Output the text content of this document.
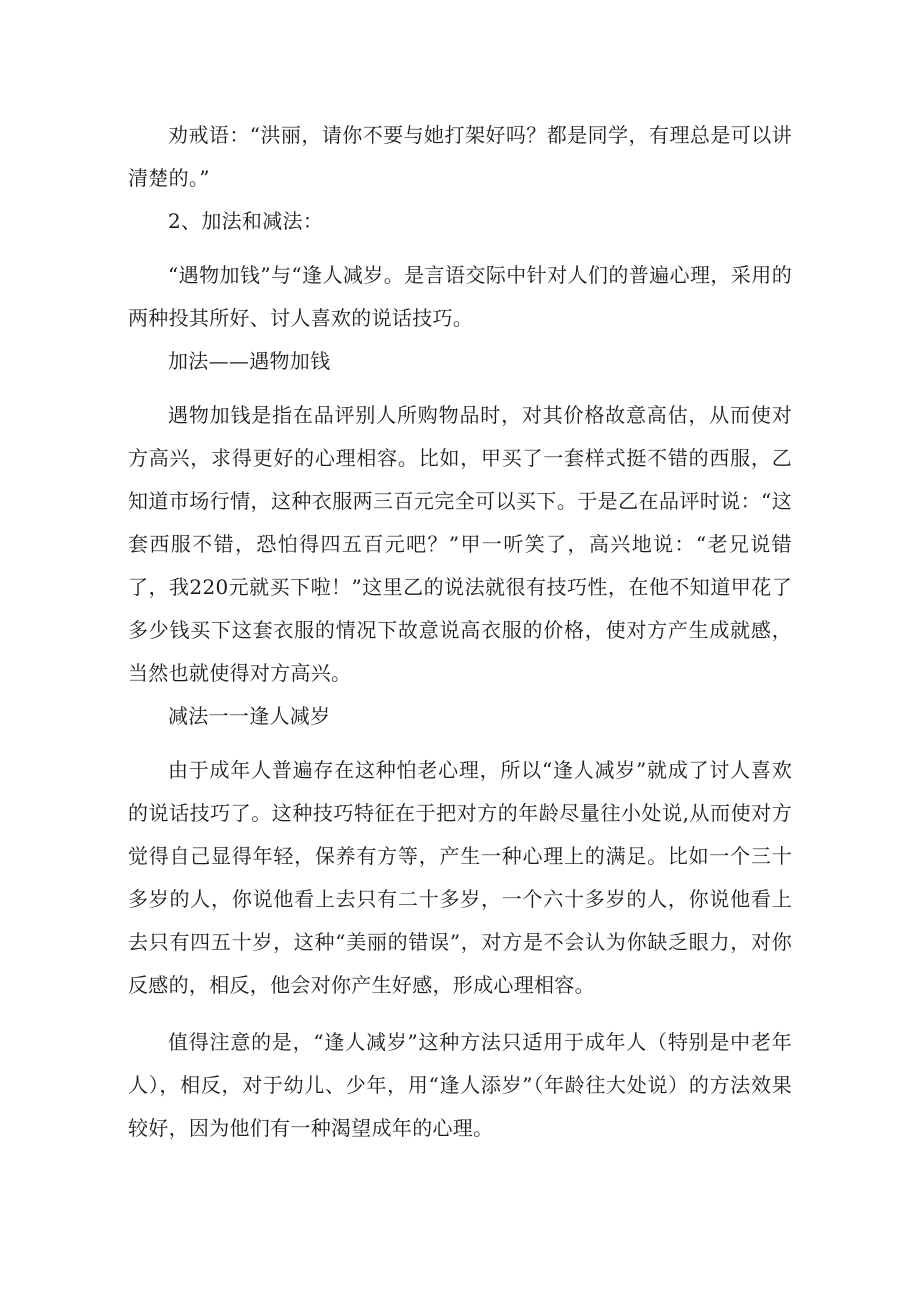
劝戒语：“洪丽，请你不要与她打架好吗？都是同学，有理总是可以讲清楚的。”

2、加法和减法：

“遇物加钱”与“逢人减岁。是言语交际中针对人们的普遍心理，采用的两种投其所好、讨人喜欢的说话技巧。

加法——遇物加钱

遇物加钱是指在品评别人所购物品时，对其价格故意高估，从而使对方高兴，求得更好的心理相容。比如，甲买了一套样式挺不错的西服，乙知道市场行情，这种衣服两三百元完全可以买下。于是乙在品评时说：“这套西服不错，恐怕得四五百元吧？”甲一听笑了，高兴地说：“老兄说错了，我220元就买下啦！”这里乙的说法就很有技巧性，在他不知道甲花了多少钱买下这套衣服的情况下故意说高衣服的价格，使对方产生成就感，当然也就使得对方高兴。

减法一一逢人减岁

由于成年人普遍存在这种怕老心理，所以“逢人减岁”就成了讨人喜欢的说话技巧了。这种技巧特征在于把对方的年龄尽量往小处说,从而使对方觉得自己显得年轻，保养有方等，产生一种心理上的满足。比如一个三十多岁的人，你说他看上去只有二十多岁，一个六十多岁的人，你说他看上去只有四五十岁，这种“美丽的错误”，对方是不会认为你缺乏眼力，对你反感的，相反，他会对你产生好感，形成心理相容。

值得注意的是，“逢人减岁”这种方法只适用于成年人（特别是中老年人），相反，对于幼儿、少年，用“逢人添岁”（年龄往大处说）的方法效果较好，因为他们有一种渴望成年的心理。
